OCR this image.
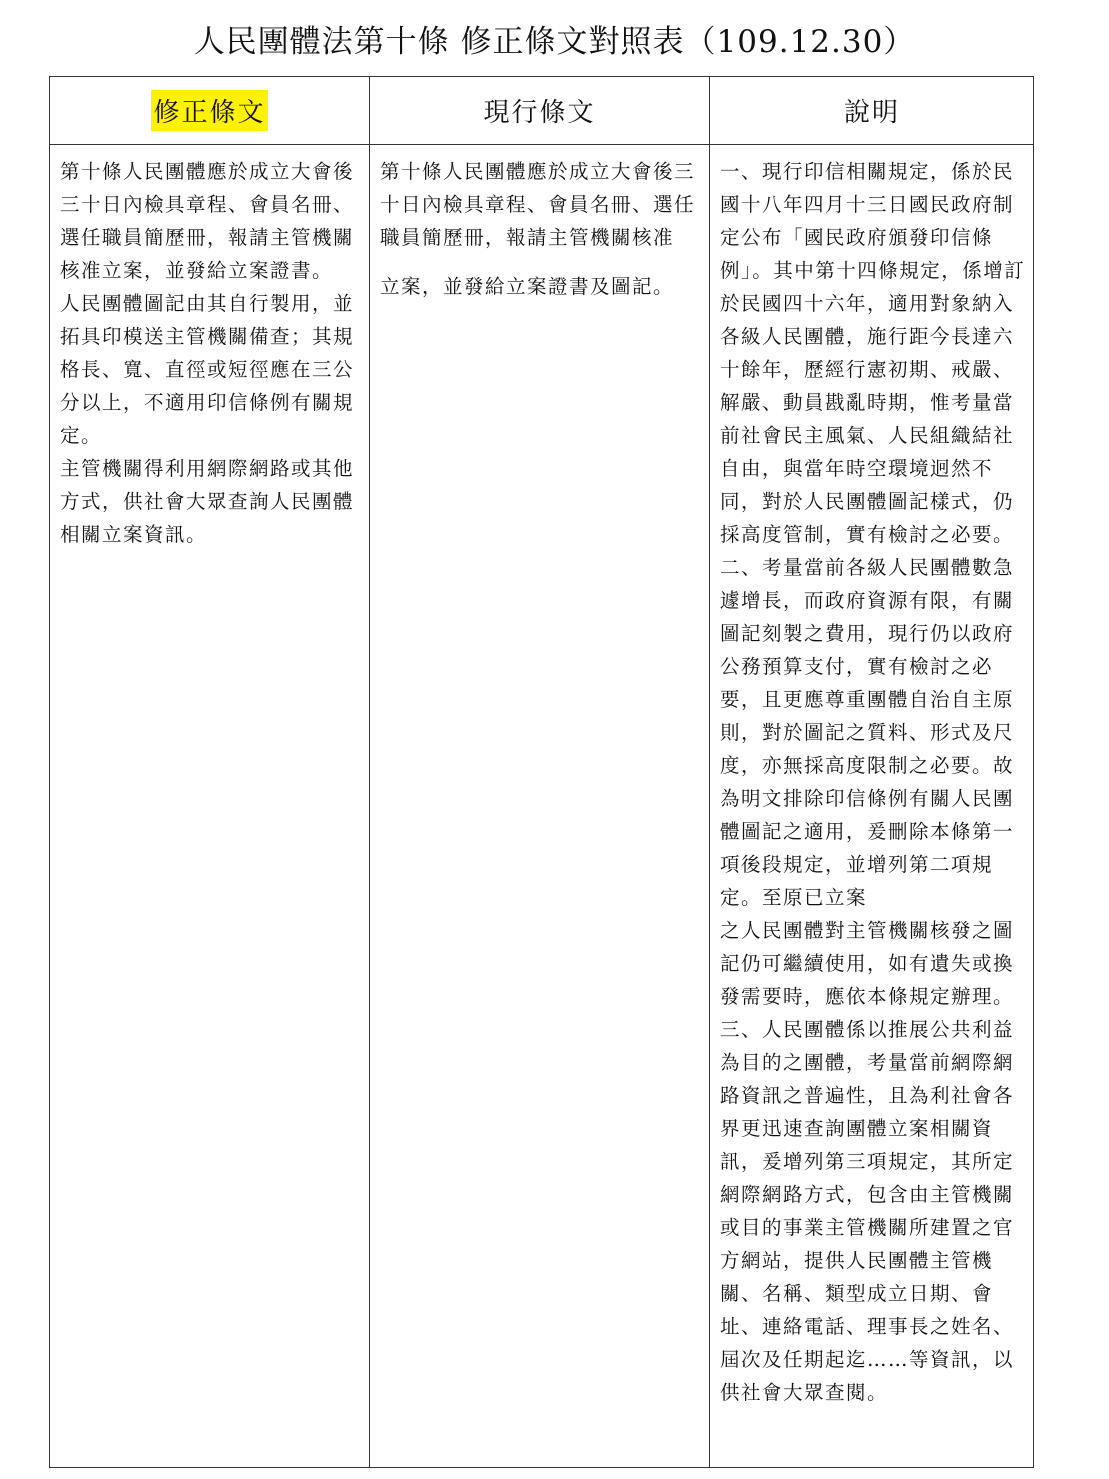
人民團體法第十條 修正條文對照表（109.12.30）
修正條文	現行條文	說明

第十條人民團體應於成立大會後三十日內檢具章程、會員名冊、選任職員簡歷冊，報請主管機關核准立案，並發給立案證書。

人民團體圖記由其自行製用，並拓具印模送主管機關備查；其規格長、寬、直徑或短徑應在三公分以上，不適用印信條例有關規定。

主管機關得利用網際網路或其他方式，供社會大眾查詢人民團體相關立案資訊。

第十條人民團體應於成立大會後三十日內檢具章程、會員名冊、選任職員簡歷冊，報請主管機關核准

立案，並發給立案證書及圖記。

一、現行印信相關規定，係於民國十八年四月十三日國民政府制定公布「國民政府頒發印信條例」。其中第十四條規定，係增訂於民國四十六年，適用對象納入各級人民團體，施行距今長達六十餘年，歷經行憲初期、戒嚴、解嚴、動員戡亂時期，惟考量當前社會民主風氣、人民組織結社自由，與當年時空環境迥然不同，對於人民團體圖記樣式，仍採高度管制，實有檢討之必要。

二、考量當前各級人民團體數急遽增長，而政府資源有限，有關圖記刻製之費用，現行仍以政府公務預算支付，實有檢討之必要，且更應尊重團體自治自主原則，對於圖記之質料、形式及尺度，亦無採高度限制之必要。故為明文排除印信條例有關人民團體圖記之適用，爰刪除本條第一項後段規定，並增列第二項規定。至原已立案

之人民團體對主管機關核發之圖記仍可繼續使用，如有遺失或換發需要時，應依本條規定辦理。

三、人民團體係以推展公共利益為目的之團體，考量當前網際網路資訊之普遍性，且為利社會各界更迅速查詢團體立案相關資訊，爰增列第三項規定，其所定網際網路方式，包含由主管機關或目的事業主管機關所建置之官方網站，提供人民團體主管機關、名稱、類型成立日期、會址、連絡電話、理事長之姓名、屆次及任期起迄……等資訊，以供社會大眾查閱。
